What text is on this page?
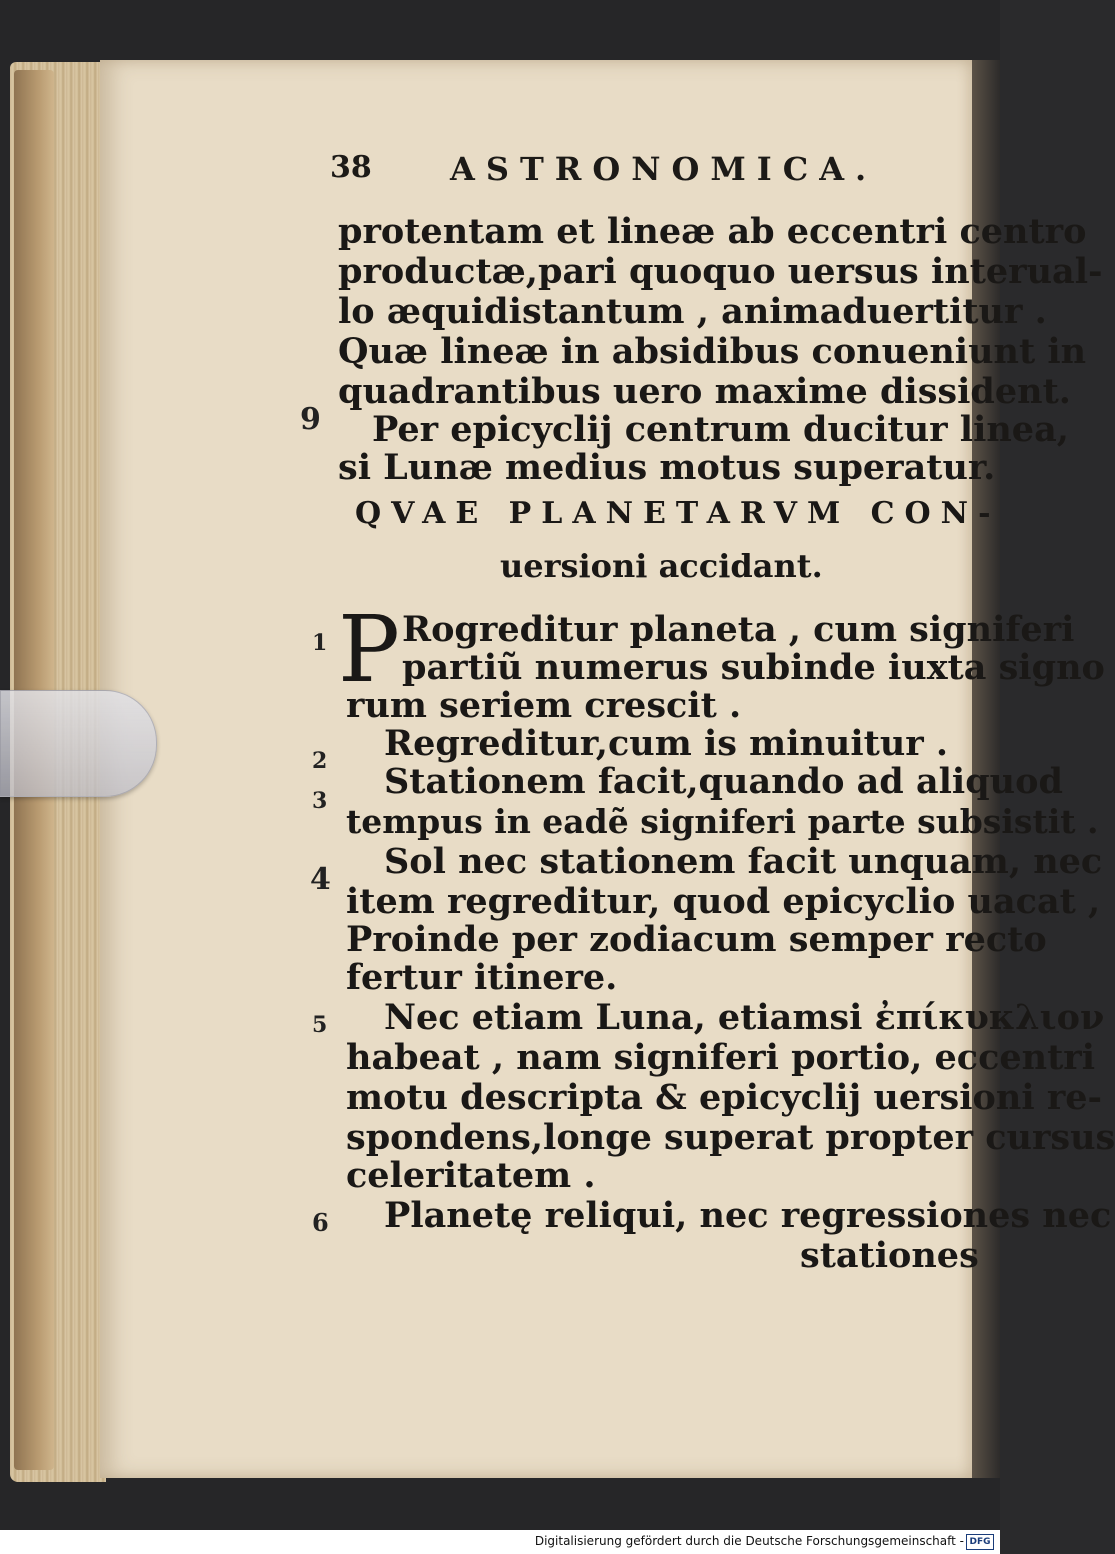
38 ASTRONOMICA.
protentam et lineæ ab eccentri centro
productæ,pari quoquo uersus interual-
lo æquidistantum , animaduertitur .
Quæ lineæ in absidibus conueniunt in
quadrantibus uero maxime dissident.
Per epicyclij centrum ducitur linea,
si Lunæ medius motus superatur.
9
QVAE PLANETARVM CON-
uersioni accidant.
P Rogreditur planeta , cum signiferi
partiũ numerus subinde iuxta signo
rum seriem crescit .
Regreditur,cum is minuitur .
Stationem facit,quando ad aliquod
tempus in eadẽ signiferi parte subsistit .
Sol nec stationem facit unquam, nec
item regreditur, quod epicyclio uacat ,
Proinde per zodiacum semper recto
fertur itinere.
Nec etiam Luna, etiamsi ἐπίκυκλιον
habeat , nam signiferi portio, eccentri
motu descripta & epicyclij uersioni re-
spondens,longe superat propter cursus
celeritatem .
Planetę reliqui, nec regressiones nec
stationes
1
2
3
4
5
6
Digitalisierung gefördert durch die Deutsche Forschungsgemeinschaft - DFG
